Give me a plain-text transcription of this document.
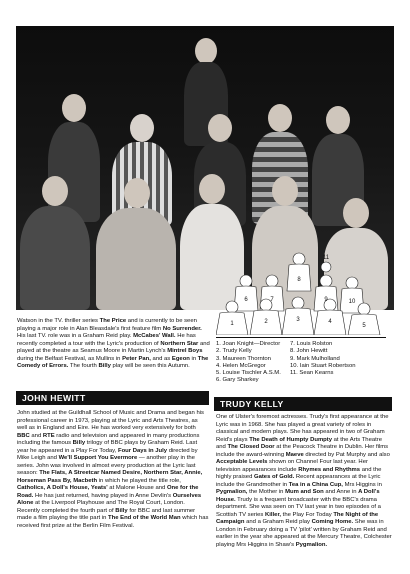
1	2	3	4
5
6	7
8
9	10
11
Watson in the TV. thriller series The Price and is currently to be seen playing a major role in Alan Bleasdale's first feature film No Surrender. His last TV. role was in a Graham Reid play. McCabes' Wall. He has recently completed a tour with the Lyric's production of Northern Star and played at the theatre as Seamus Moore in Martin Lynch's Mintrel Boys during the Belfast Festival, as Mullins in Peter Pan, and as Egeon in The Comedy of Errors. The fourth Billy play will be seen this Autumn.
1. Joan Knight—Director	7. Louis Rolston
2. Trudy Kelly	8. John Hewitt
3. Maureen Thornton	9. Mark Mulholland
4. Helen McGregor	10. Iain Stuart Robertson
5. Louise Tischler A.S.M.	11. Sean Kearns
6. Gary Sharkey
JOHN HEWITT
John studied at the Guildhall School of Music and Drama and began his professional career in 1973, playing at the Lyric and Arts Theatres, as well as in England and Eire. He has worked very extensively for both BBC and RTE radio and television and appeared in many productions including the famous Billy trilogy of BBC plays by Graham Reid. Last year he appeared in a Play For Today, Four Days in July directed by Mike Leigh and We'll Support You Evermore — another play in the series. John was involved in almost every production at the Lyric last season: The Flats, A Streetcar Named Desire, Northern Star, Annie, Horseman Pass By, Macbeth in which he played the title role, Catholics, A Doll's House, Yeats' at Malone House and One for the Road. He has just returned, having played in Anne Devlin's Ourselves Alone at the Liverpool Playhouse and The Royal Court, London. Recently completed the fourth part of Billy for BBC and last summer made a film playing the title part in The End of the World Man which has received first prize at the Berlin Film Festival.
TRUDY KELLY
One of Ulster's foremost actresses. Trudy's first appearance at the Lyric was in 1968. She has played a great variety of roles in classical and modern plays. She has appeared in two of Graham Reid's plays The Death of Humpty Dumpty at the Arts Theatre and The Closed Door at the Peacock Theatre in Dublin. Her films include the award-winning Maeve directed by Pat Murphy and also Acceptable Levels shown on Channel Four last year. Her television appearances include Rhymes and Rhythms and the highly praised Gates of Gold. Recent appearances at the Lyric include the Grandmother in Tea in a China Cup, Mrs Higgins in Pygmalion, the Mother in Mum and Son and Anne in A Doll's House. Trudy is a frequent broadcaster with the BBC's drama department. She was seen on TV last year in two episodes of a Scottish TV series Killer, the Play For Today The Night of the Campaign and a Graham Reid play Coming Home. She was in London in February doing a TV 'pilot' written by Graham Reid and earlier in the year she appeared at the Mercury Theatre, Colchester playing Mrs Higgins in Shaw's Pygmalion.
